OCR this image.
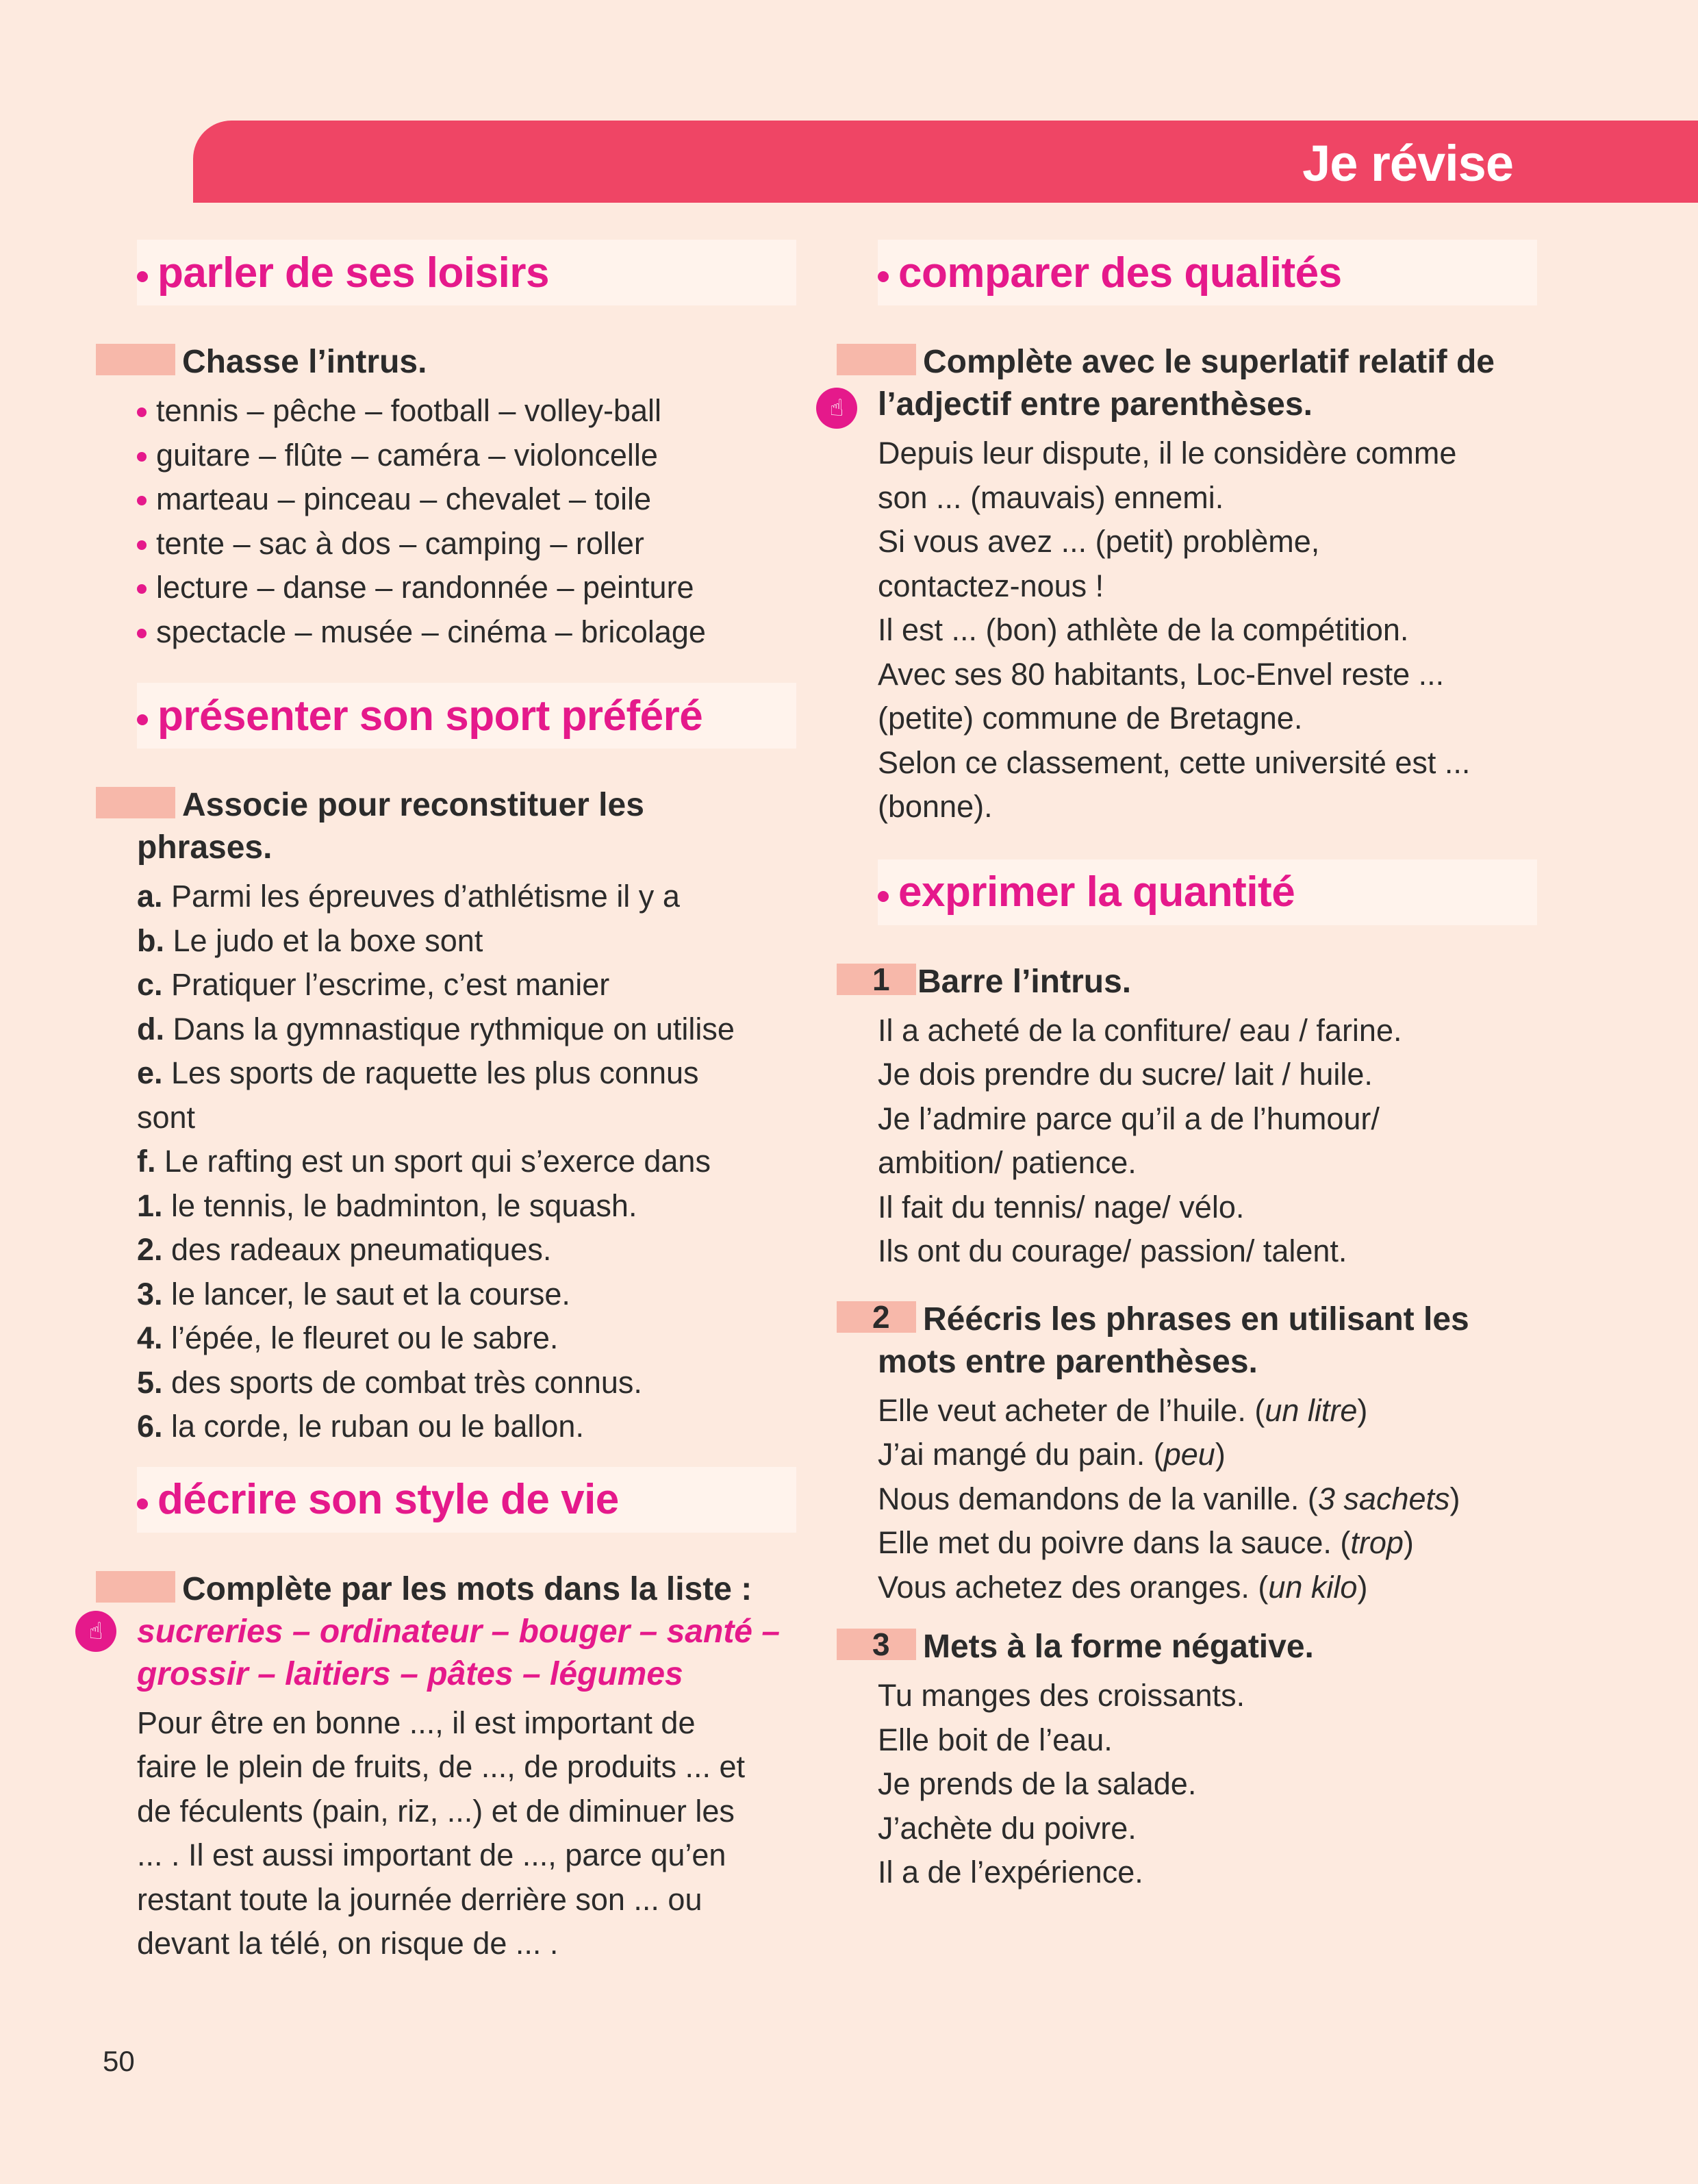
Je révise
parler de ses loisirs
Chasse l’intrus.
tennis – pêche – football – volley-ball
guitare – flûte – caméra – violoncelle
marteau – pinceau – chevalet – toile
tente – sac à dos – camping – roller
lecture – danse – randonnée – peinture
spectacle – musée – cinéma – bricolage
présenter son sport préféré
Associe pour reconstituer les
phrases.
a. Parmi les épreuves d’athlétisme il y a
b. Le judo et la boxe sont
c. Pratiquer l’escrime, c’est manier
d. Dans la gymnastique rythmique on utilise
e. Les sports de raquette les plus connus
sont
f. Le rafting est un sport qui s’exerce dans
1. le tennis, le badminton, le squash.
2. des radeaux pneumatiques.
3. le lancer, le saut et la course.
4. l’épée, le fleuret ou le sabre.
5. des sports de combat très connus.
6. la corde, le ruban ou le ballon.
décrire son style de vie
☝
Complète par les mots dans la liste :
sucreries – ordinateur – bouger – santé –
grossir – laitiers – pâtes – légumes
Pour être en bonne ..., il est important de
faire le plein de fruits, de ..., de produits ... et
de féculents (pain, riz, ...) et de diminuer les
... . Il est aussi important de ..., parce qu’en
restant toute la journée derrière son ... ou
devant la télé, on risque de ... .
comparer des qualités
☝
Complète avec le superlatif relatif de
l’adjectif entre parenthèses.
Depuis leur dispute, il le considère comme
son ... (mauvais) ennemi.
Si vous avez ... (petit) problème,
contactez-nous !
Il est ... (bon) athlète de la compétition.
Avec ses 80 habitants, Loc-Envel reste ...
(petite) commune de Bretagne.
Selon ce classement, cette université est ...
(bonne).
exprimer la quantité
1 Barre l’intrus.
Il a acheté de la confiture/ eau / farine.
Je dois prendre du sucre/ lait / huile.
Je l’admire parce qu’il a de l’humour/
ambition/ patience.
Il fait du tennis/ nage/ vélo.
Ils ont du courage/ passion/ talent.
2	Réécris les phrases en utilisant les
mots entre parenthèses.
Elle veut acheter de l’huile. (un litre)
J’ai mangé du pain. (peu)
Nous demandons de la vanille. (3 sachets)
Elle met du poivre dans la sauce. (trop)
Vous achetez des oranges. (un kilo)
3	Mets à la forme négative.
Tu manges des croissants.
Elle boit de l’eau.
Je prends de la salade.
J’achète du poivre.
Il a de l’expérience.
50
